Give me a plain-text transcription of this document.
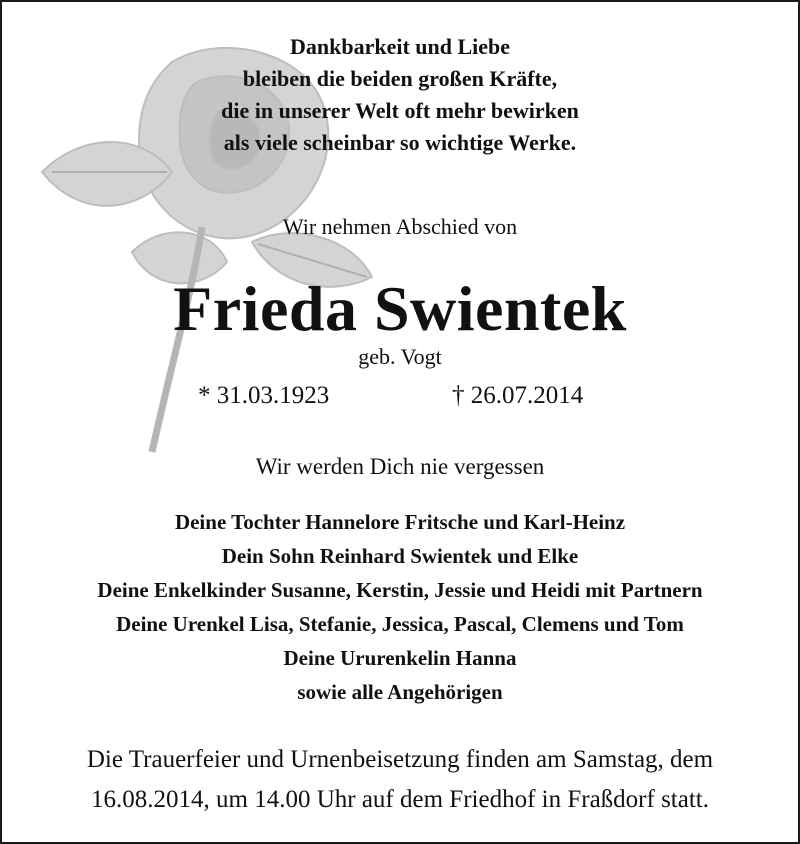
Dankbarkeit und Liebe
bleiben die beiden großen Kräfte,
die in unserer Welt oft mehr bewirken
als viele scheinbar so wichtige Werke.
Wir nehmen Abschied von
Frieda Swientek
geb. Vogt
* 31.03.1923	† 26.07.2014
Wir werden Dich nie vergessen
Deine Tochter Hannelore Fritsche und Karl-Heinz
Dein Sohn Reinhard Swientek und Elke
Deine Enkelkinder Susanne, Kerstin, Jessie und Heidi mit Partnern
Deine Urenkel Lisa, Stefanie, Jessica, Pascal, Clemens und Tom
Deine Ururenkelin Hanna
sowie alle Angehörigen
Die Trauerfeier und Urnenbeisetzung finden am Samstag, dem
16.08.2014, um 14.00 Uhr auf dem Friedhof in Fraßdorf statt.
